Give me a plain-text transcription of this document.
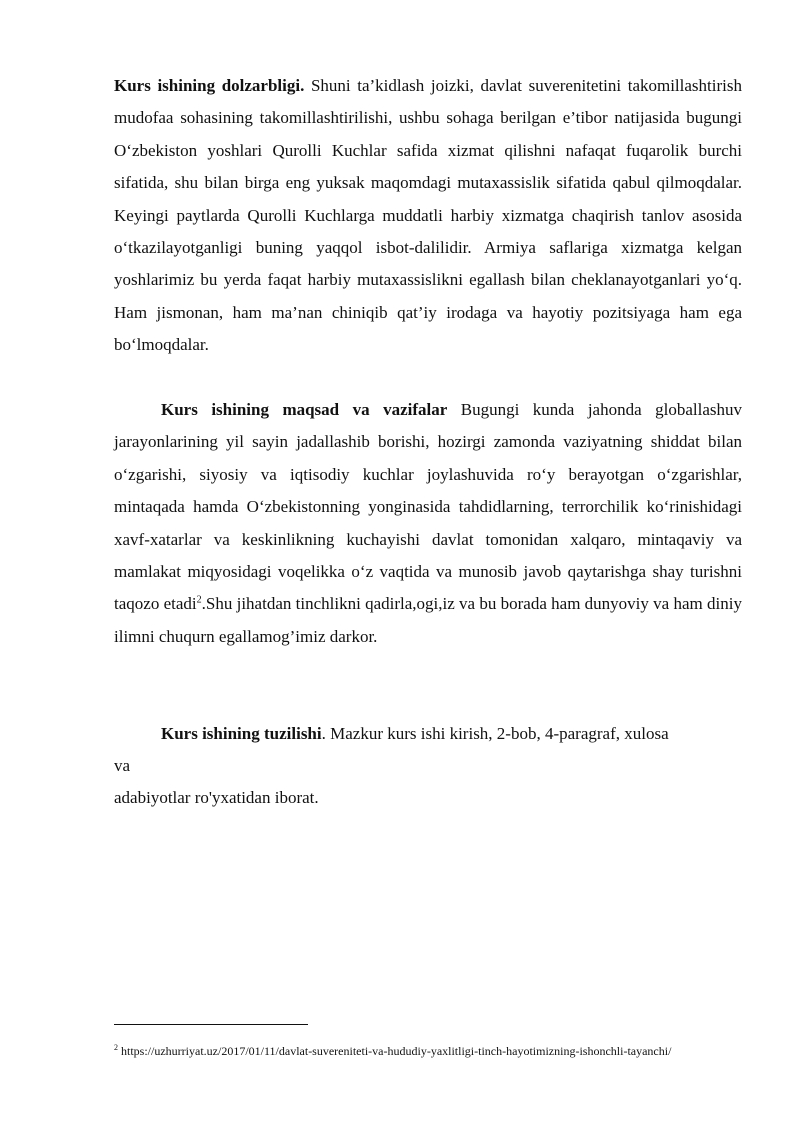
Kurs ishining dolzarbligi. Shuni ta’kidlash joizki, davlat suverenitetini takomillashtirish mudofaa sohasining takomillashtirilishi, ushbu sohaga berilgan e’tibor natijasida bugungi O‘zbekiston yoshlari Qurolli Kuchlar safida xizmat qilishni nafaqat fuqarolik burchi sifatida, shu bilan birga eng yuksak maqomdagi mutaxassislik sifatida qabul qilmoqdalar. Keyingi paytlarda Qurolli Kuchlarga muddatli harbiy xizmatga chaqirish tanlov asosida o‘tkazilayotganligi buning yaqqol isbot-dalilidir. Armiya saflariga xizmatga kelgan yoshlarimiz bu yerda faqat harbiy mutaxassislikni egallash bilan cheklanayotganlari yo‘q. Ham jismonan, ham ma’nan chiniqib qat’iy irodaga va hayotiy pozitsiyaga ham ega bo‘lmoqdalar.

Kurs ishining maqsad va vazifalar Bugungi kunda jahonda globallashuv jarayonlarining yil sayin jadallashib borishi, hozirgi zamonda vaziyatning shiddat bilan o‘zgarishi, siyosiy va iqtisodiy kuchlar joylashuvida ro‘y berayotgan o‘zgarishlar, mintaqada hamda O‘zbekistonning yonginasida tahdidlarning, terrorchilik ko‘rinishidagi xavf-xatarlar va keskinlikning kuchayishi davlat tomonidan xalqaro, mintaqaviy va mamlakat miqyosidagi voqelikka o‘z vaqtida va munosib javob qaytarishga shay turishni taqozo etadi$^2$.Shu jihatdan tinchlikni qadirla,ogi,iz va bu borada ham dunyoviy va ham diniy ilimni chuqurn egallamog’imiz darkor.

Kurs ishining tuzilishi. Mazkur kurs ishi kirish, 2-bob, 4-paragraf, xulosa

va

adabiyotlar ro'yxatidan iborat.

$^2$ https://uzhurriyat.uz/2017/01/11/davlat-suvereniteti-va-hududiy-yaxlitligi-tinch-hayotimizning-ishonchli-tayanchi/
